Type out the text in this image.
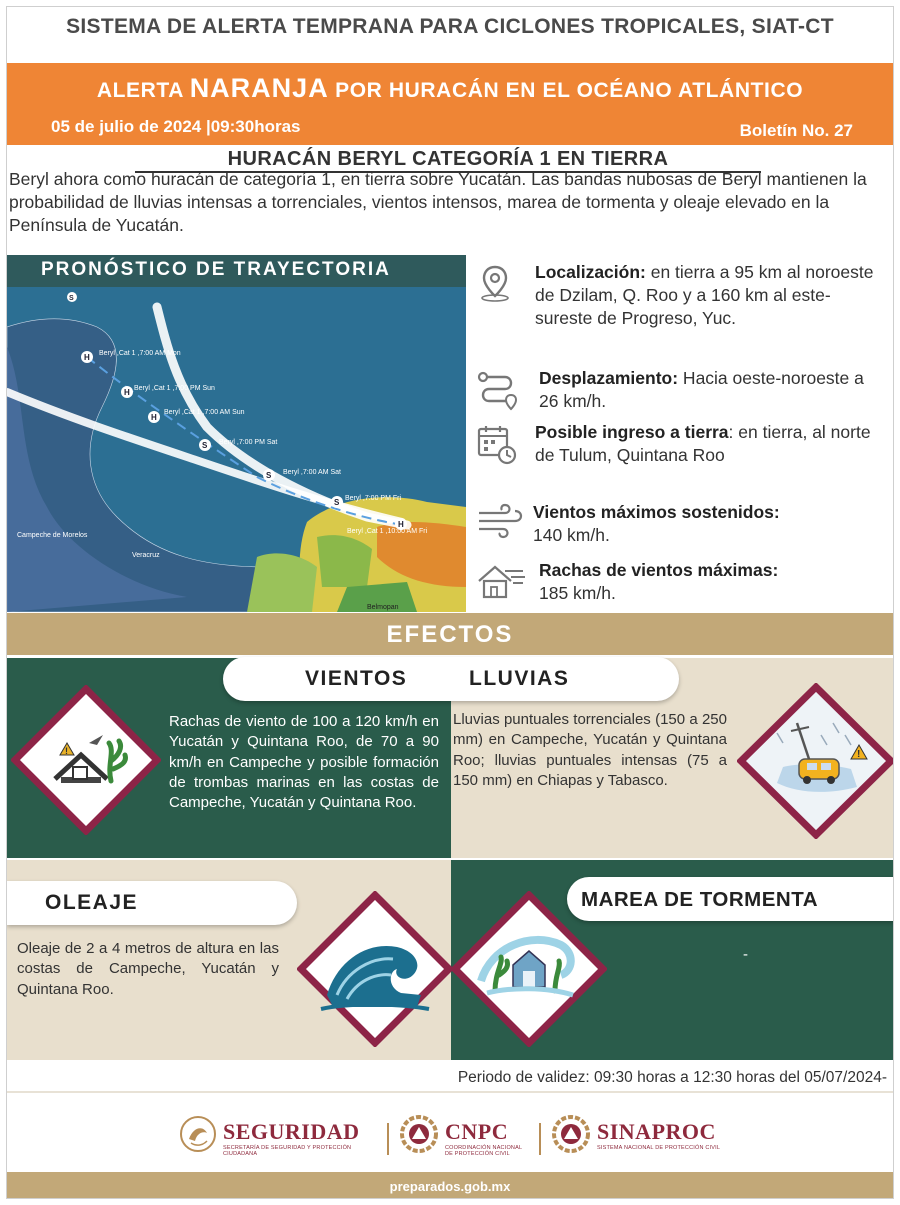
SISTEMA DE ALERTA TEMPRANA PARA CICLONES TROPICALES, SIAT-CT
ALERTA NARANJA POR HURACÁN EN EL OCÉANO ATLÁNTICO
05 de julio de 2024 |09:30horas	Boletín No. 27
HURACÁN BERYL CATEGORÍA 1 EN TIERRA
Beryl ahora como huracán de categoría 1, en tierra sobre Yucatán. Las bandas nubosas de Beryl mantienen la probabilidad de lluvias intensas a torrenciales, vientos intensos, marea de tormenta y oleaje elevado en la Península de Yucatán.
PRONÓSTICO DE TRAYECTORIA
H
H
H
S
S
S
H
S
Beryl ,Cat 1 ,7:00 AM Mon
Beryl ,Cat 1 ,7:00 PM Sun
Beryl ,Cat 1 ,7:00 AM Sun
Beryl ,7:00 PM Sat
Beryl ,7:00 AM Sat
Beryl ,7:00 PM Fri
Beryl ,Cat 1 ,10:00 AM Fri
Campeche de Morelos
Veracruz
Belmopan
Localización: en tierra a 95 km al noroeste de Dzilam, Q. Roo y a 160 km al este-sureste de Progreso, Yuc.
Desplazamiento: Hacia oeste-noroeste a 26 km/h.
Posible ingreso a tierra: en tierra, al norte de Tulum, Quintana Roo
Vientos máximos sostenidos:
140 km/h.
Rachas de vientos máximas:
185 km/h.
EFECTOS
VIENTOS	LLUVIAS
!
Rachas de viento de 100 a 120 km/h en Yucatán y Quintana Roo, de 70 a 90 km/h en Campeche y posible formación de trombas marinas en las costas de Campeche, Yucatán y Quintana Roo.
Lluvias puntuales torrenciales (150 a 250 mm) en Campeche, Yucatán y Quintana Roo; lluvias puntuales intensas (75 a 150 mm) en Chiapas y Tabasco.
!
OLEAJE
Oleaje de 2 a 4 metros de altura en las costas de Campeche, Yucatán y Quintana Roo.
MAREA DE TORMENTA
-
Periodo de validez: 09:30 horas a 12:30 horas del 05/07/2024-
SEGURIDAD
SECRETARÍA DE SEGURIDAD Y PROTECCIÓN CIUDADANA
CNPC
COORDINACIÓN NACIONAL DE PROTECCIÓN CIVIL
SINAPROC
SISTEMA NACIONAL DE PROTECCIÓN CIVIL
preparados.gob.mx
